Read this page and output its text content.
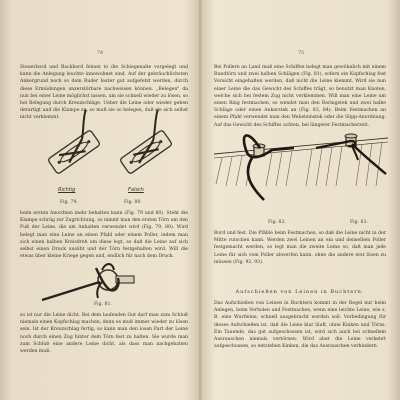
74
Steuerbord und Backbord feinen to die Schiegenalte vorgelegt und kann die Anlegung leuchte innewohnet sind. Auf der gebräuchlichsten Ankergrund noch so dem Ruder leuter gut aufgefetzt werden, durch diese Ermüdungen unzerstörbare nachweisen können. „Belegen" da nun bei einer Leine möglichst lassen, um sie schnell wieder zu lösen, so bei Belegung durch Kreuzschläge. Ueber die Leine oder wieder geben derartigt und die Klampe zu, so muß sie so belegen, daß sie sich selbst nicht verklemmt.
Richtig	Falsch
Fig. 79.	Fig. 80.
beim ersten Anordnen mehr behalten kann (Fig. 79 und 80). Steht die Klampe schräg zur Zugrichtung, so nimmt man den ersten Törn um den Fuß der Leine, die am Anhalten verwendet wird (Fig. 79, 80). Wird belegt man eine Leine an einen Pfahl oder einem Poller, indem man sich einen halben Kreisdreh um diese legt, so daß die Leine auf sich selbst einen Druck ausübt und der Törn festgehalten wird. Will die etwas über kleine Kriege gegen und, endlich für nach dem Druck.
Fig. 81.
so ist nur die Leine dicht. Bei dem laufenden Gut darf man zum Schluß niemals einen Kopfschlag machen, denn es muß immer wieder zu lösen sein. Ist der Kreuzschlag fertig, so kann man den losen Part der Leine noch durch einen Zug hinter dem Törn fest zu halten. Sie wurde man zum Schluß eine andere Leine dicht, als dass man nachgehalten werden muß.
75
Bei Pollern an Land muß eine Schiffen belegt man gewöhnlich mit einem Rundtörn und zwei halben Schlägen (Fig. 81), sofern ein Kopfschlag fest Vorsicht eingehalten werden, daß nicht die Leine klemmt. Wird sie nun einer Leine die das Gewicht des Schiffes trägt, so benutzt man Knoten, welche sich bei festem Zug nicht verklemmen. Will man eine Leine um einen Ring festmachen, so wendet man den Roringstek und zwei halbe Schläge oder einen Ankerstek an (Fig. 83, 84). Beim Festmachen an einem Pfahl verwendet man den Webeleinstek oder die Slipp-Anordnung. Auf das Gewicht des Schiffes achten, bei längerer Festmacherzeit.
Fig. 82.	Fig. 83.
Bord und fest. Die Pfähle beim Festmachen, so daß die Leine nicht in der Mitte rutschen kann. Werden zwei Leinen an ein und denselben Poller festgemacht werden, so legt man die zweite Leine so, daß man jede Leine für sich vom Poller abwerfen kann, ohne die andere erst lösen zu müssen (Fig. 92, 93).
Aufschießen von Leinen in Buchtern.
Das Aufschießen von Leinen in Buchtern kommt in der Regel nur beim Anlegen, beim Verholen und Festmachen, wenn eine leichte Leine, wie z. B. eine Wurfleine, schnell ausgebracht werden soll. Vorbedingung für dieses Aufschießen ist, daß die Leine klar läuft, ohne Kinken und Törns. Ein Tauende, das gut aufgeschossen ist, wird sich auch bei schnellem Ausrauschen niemals vertörnen. Wird aber die Leine verkehrt aufgeschossen, so entstehen Kinken, die das Ausrauschen verhindern.
